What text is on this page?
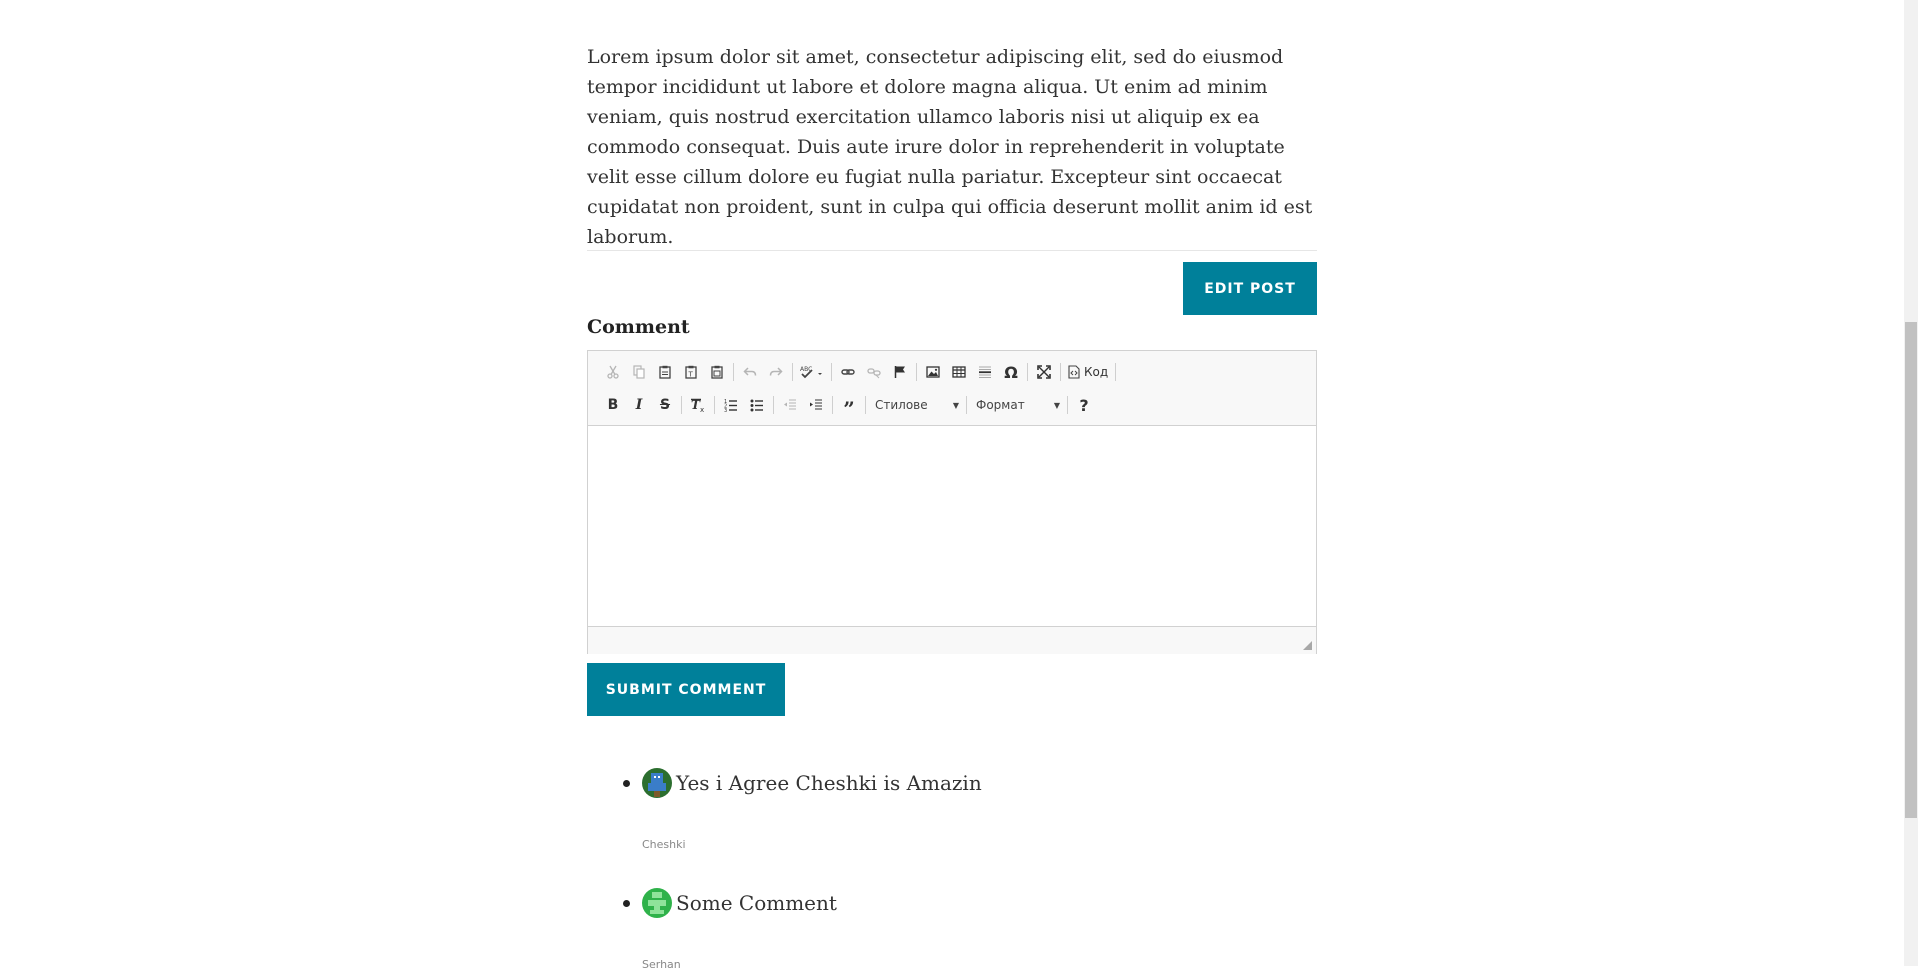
Lorem ipsum dolor sit amet, consectetur adipiscing elit, sed do eiusmod tempor incididunt ut labore et dolore magna aliqua. Ut enim ad minim veniam, quis nostrud exercitation ullamco laboris nisi ut aliquip ex ea commodo consequat. Duis aute irure dolor in reprehenderit in voluptate velit esse cillum dolore eu fugiat nulla pariatur. Excepteur sint occaecat cupidatat non proident, sunt in culpa qui officia deserunt mollit anim id est laborum.

EDIT POST
Comment
T
ABC	Ω	Код
B	I	S	T x
1
2
3	”	Стилове	▼ Формат	▼	?
SUBMIT COMMENT
Yes i Agree Cheshki is Amazin
Cheshki
Some Comment
Serhan
